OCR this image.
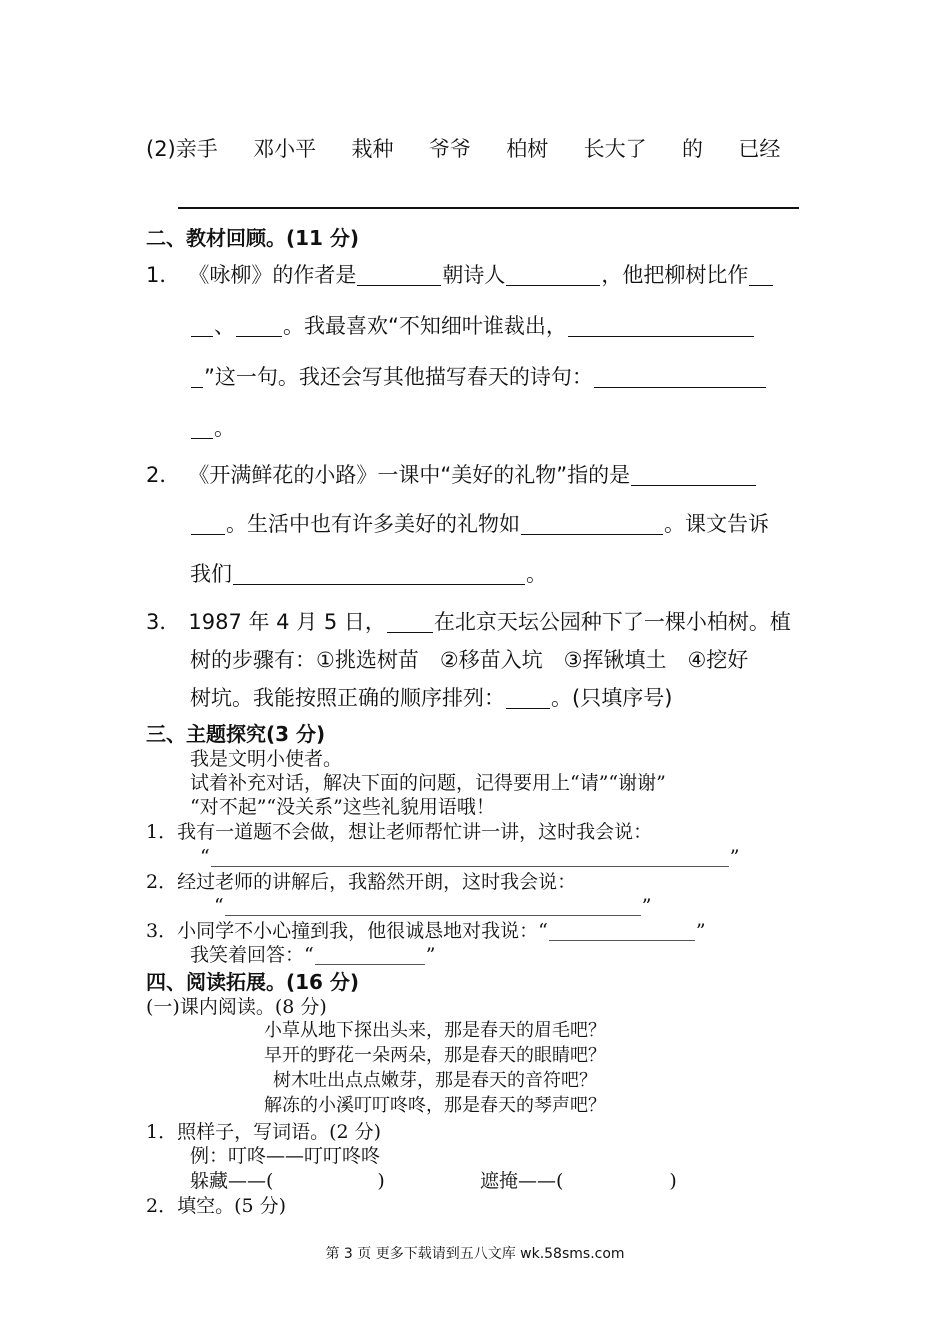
(2)亲手 邓小平 栽种 爷爷 柏树 长大了 的 已经
二、教材回顾。(11 分)
1． 《咏柳》的作者是	朝诗人	，他把柳树比作
、 。我最喜欢“不知细叶谁裁出，
”这一句。我还会写其他描写春天的诗句：
。
2． 《开满鲜花的小路》一课中“美好的礼物”指的是
。生活中也有许多美好的礼物如	。课文告诉
我们	。
3． 1987 年 4 月 5 日， 在北京天坛公园种下了一棵小柏树。植
树的步骤有：①挑选树苗　②移苗入坑　③挥锹填土　④挖好
树坑。我能按照正确的顺序排列： 。(只填序号)
三、主题探究(3 分)
我是文明小使者。
试着补充对话，解决下面的问题，记得要用上“请”“谢谢”
“对不起”“没关系”这些礼貌用语哦！
1．我有一道题不会做，想让老师帮忙讲一讲，这时我会说：
“	”
2．经过老师的讲解后，我豁然开朗，这时我会说：
“	”
3．小同学不小心撞到我，他很诚恳地对我说：“	”
我笑着回答：“	”
四、阅读拓展。(16 分)
(一)课内阅读。(8 分)
小草从地下探出头来，那是春天的眉毛吧？
早开的野花一朵两朵，那是春天的眼睛吧？
树木吐出点点嫩芽，那是春天的音符吧？
解冻的小溪叮叮咚咚，那是春天的琴声吧？
1．照样子，写词语。(2 分)
例：叮咚——叮叮咚咚
躲藏——(	)	遮掩——(	)
2．填空。(5 分)
第 3 页 更多下载请到五八文库 wk.58sms.com
